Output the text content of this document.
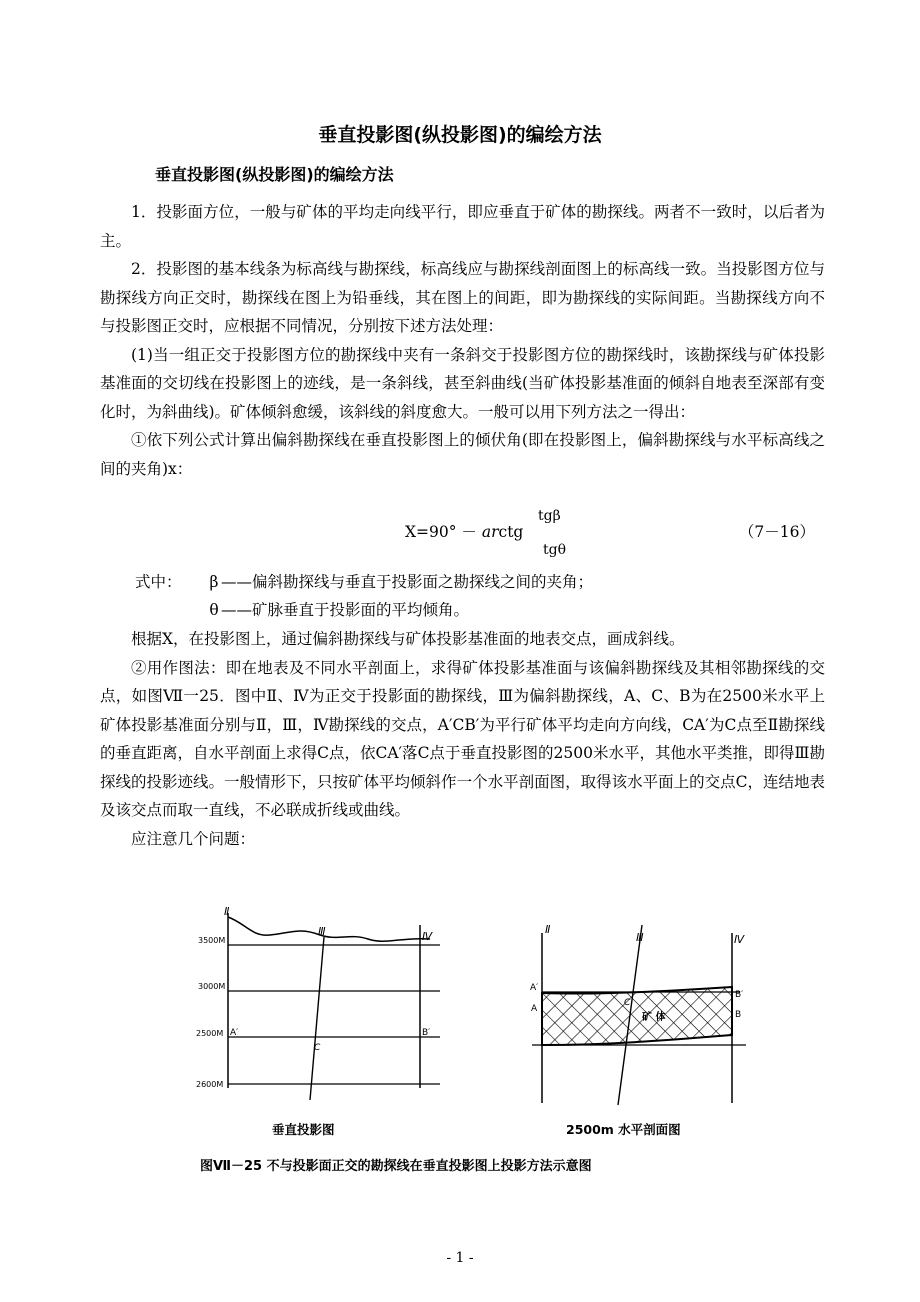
垂直投影图(纵投影图)的编绘方法
垂直投影图(纵投影图)的编绘方法

1．投影面方位，一般与矿体的平均走向线平行，即应垂直于矿体的勘探线。两者不一致时，以后者为主。

2．投影图的基本线条为标高线与勘探线，标高线应与勘探线剖面图上的标高线一致。当投影图方位与勘探线方向正交时，勘探线在图上为铅垂线，其在图上的间距，即为勘探线的实际间距。当勘探线方向不与投影图正交时，应根据不同情况，分别按下述方法处理：

(1)当一组正交于投影图方位的勘探线中夹有一条斜交于投影图方位的勘探线时，该勘探线与矿体投影基准面的交切线在投影图上的迹线，是一条斜线，甚至斜曲线(当矿体投影基准面的倾斜自地表至深部有变化时，为斜曲线)。矿体倾斜愈缓，该斜线的斜度愈大。一般可以用下列方法之一得出：

①依下列公式计算出偏斜勘探线在垂直投影图上的倾伏角(即在投影图上，偏斜勘探线与水平标高线之间的夹角)x：

X=90° － arctg
tgβ
tgθ
（7－16）
式中： β ——偏斜勘探线与垂直于投影面之勘探线之间的夹角；
θ ——矿脉垂直于投影面的平均倾角。

根据X，在投影图上，通过偏斜勘探线与矿体投影基准面的地表交点，画成斜线。

②用作图法：即在地表及不同水平剖面上，求得矿体投影基准面与该偏斜勘探线及其相邻勘探线的交点，如图Ⅶ一25．图中Ⅱ、Ⅳ为正交于投影面的勘探线，Ⅲ为偏斜勘探线，A、C、B为在2500米水平上矿体投影基准面分别与Ⅱ，Ⅲ，Ⅳ勘探线的交点，A′CB′为平行矿体平均走向方向线，CA′为C点至Ⅱ勘探线的垂直距离，自水平剖面上求得C点，依CA′落C点于垂直投影图的2500米水平，其他水平类推，即得Ⅲ勘探线的投影迹线。一般情形下，只按矿体平均倾斜作一个水平剖面图，取得该水平面上的交点C，连结地表及该交点而取一直线，不必联成折线或曲线。

应注意几个问题：

Ⅱ
Ⅲ	Ⅳ
3500M
3000M
2500M
2600M
A′	B′
C
垂直投影图
Ⅱ
Ⅲ	Ⅳ
A′
A
B′
B
C
矿 体
2500m 水平剖面图
图Ⅶ－25 不与投影面正交的勘探线在垂直投影图上投影方法示意图
- 1 -
